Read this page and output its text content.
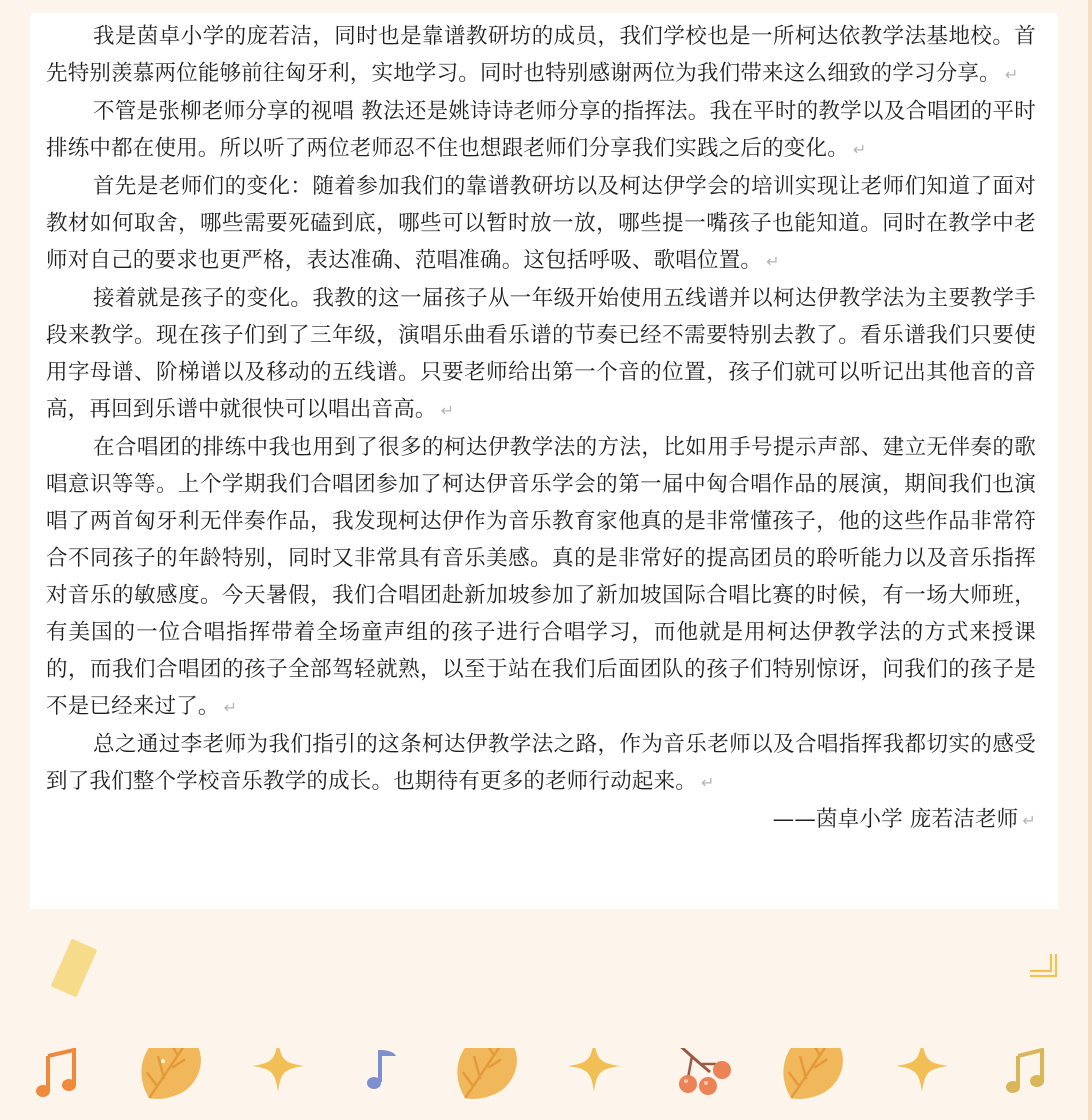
我是茵卓小学的庞若洁，同时也是靠谱教研坊的成员，我们学校也是一所柯达依教学法基地校。首先特别羡慕两位能够前往匈牙利，实地学习。同时也特别感谢两位为我们带来这么细致的学习分享。 ↵

不管是张柳老师分享的视唱 教法还是姚诗诗老师分享的指挥法。我在平时的教学以及合唱团的平时排练中都在使用。所以听了两位老师忍不住也想跟老师们分享我们实践之后的变化。 ↵

首先是老师们的变化：随着参加我们的靠谱教研坊以及柯达伊学会的培训实现让老师们知道了面对教材如何取舍，哪些需要死磕到底，哪些可以暂时放一放，哪些提一嘴孩子也能知道。同时在教学中老师对自己的要求也更严格，表达准确、范唱准确。这包括呼吸、歌唱位置。 ↵

接着就是孩子的变化。我教的这一届孩子从一年级开始使用五线谱并以柯达伊教学法为主要教学手段来教学。现在孩子们到了三年级，演唱乐曲看乐谱的节奏已经不需要特别去教了。看乐谱我们只要使用字母谱、阶梯谱以及移动的五线谱。只要老师给出第一个音的位置，孩子们就可以听记出其他音的音高，再回到乐谱中就很快可以唱出音高。 ↵

在合唱团的排练中我也用到了很多的柯达伊教学法的方法，比如用手号提示声部、建立无伴奏的歌唱意识等等。上个学期我们合唱团参加了柯达伊音乐学会的第一届中匈合唱作品的展演，期间我们也演唱了两首匈牙利无伴奏作品，我发现柯达伊作为音乐教育家他真的是非常懂孩子，他的这些作品非常符合不同孩子的年龄特别，同时又非常具有音乐美感。真的是非常好的提高团员的聆听能力以及音乐指挥对音乐的敏感度。今天暑假，我们合唱团赴新加坡参加了新加坡国际合唱比赛的时候，有一场大师班，有美国的一位合唱指挥带着全场童声组的孩子进行合唱学习，而他就是用柯达伊教学法的方式来授课的，而我们合唱团的孩子全部驾轻就熟，以至于站在我们后面团队的孩子们特别惊讶，问我们的孩子是不是已经来过了。 ↵

总之通过李老师为我们指引的这条柯达伊教学法之路，作为音乐老师以及合唱指挥我都切实的感受到了我们整个学校音乐教学的成长。也期待有更多的老师行动起来。 ↵

——茵卓小学 庞若洁老师 ↵
